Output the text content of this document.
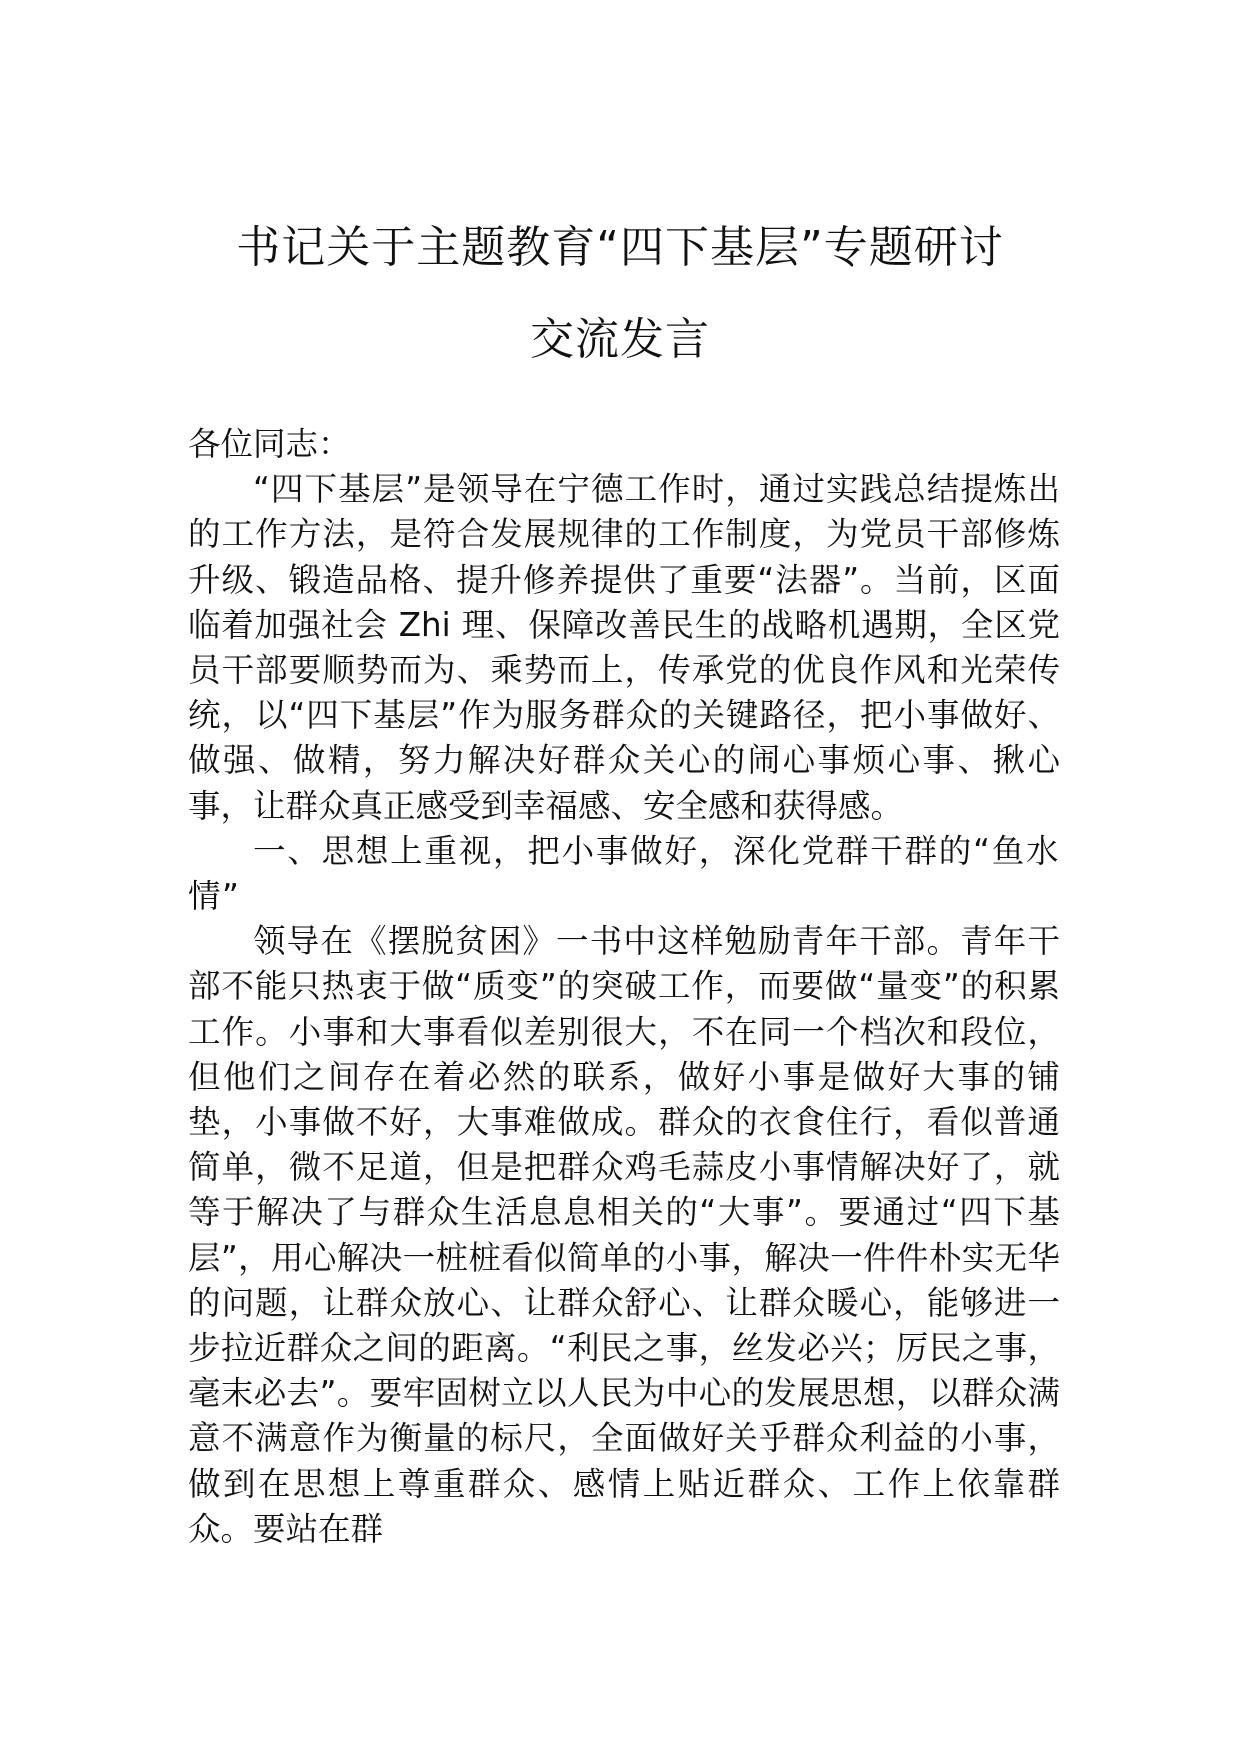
书记关于主题教育“四下基层”专题研讨
交流发言

各位同志：

“四下基层”是领导在宁德工作时，通过实践总结提炼出的工作方法，是符合发展规律的工作制度，为党员干部修炼升级、锻造品格、提升修养提供了重要“法器”。当前，区面临着加强社会 Zhi 理、保障改善民生的战略机遇期，全区党员干部要顺势而为、乘势而上，传承党的优良作风和光荣传统，以“四下基层”作为服务群众的关键路径，把小事做好、做强、做精，努力解决好群众关心的闹心事烦心事、揪心事，让群众真正感受到幸福感、安全感和获得感。

一、思想上重视，把小事做好，深化党群干群的“鱼水情”

领导在《摆脱贫困》一书中这样勉励青年干部。青年干部不能只热衷于做“质变”的突破工作，而要做“量变”的积累工作。小事和大事看似差别很大，不在同一个档次和段位，但他们之间存在着必然的联系，做好小事是做好大事的铺垫，小事做不好，大事难做成。群众的衣食住行，看似普通简单，微不足道，但是把群众鸡毛蒜皮小事情解决好了，就等于解决了与群众生活息息相关的“大事”。要通过“四下基层”，用心解决一桩桩看似简单的小事，解决一件件朴实无华的问题，让群众放心、让群众舒心、让群众暖心，能够进一步拉近群众之间的距离。“利民之事，丝发必兴；厉民之事，毫末必去”。要牢固树立以人民为中心的发展思想，以群众满意不满意作为衡量的标尺，全面做好关乎群众利益的小事，做到在思想上尊重群众、感情上贴近群众、工作上依靠群众。要站在群
